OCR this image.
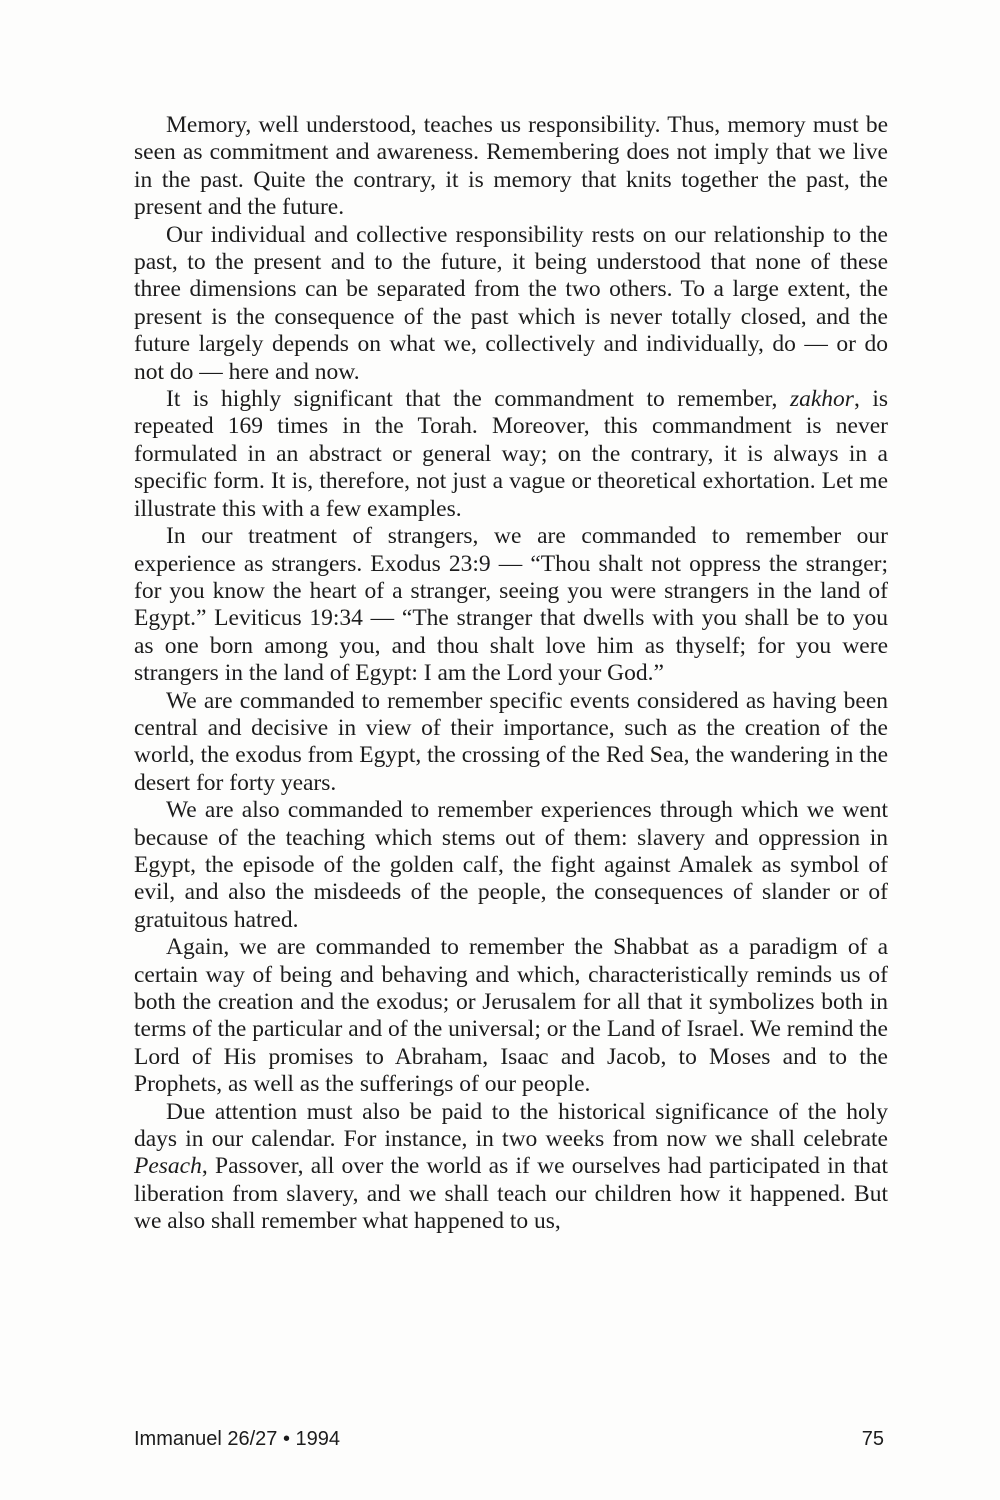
Memory, well understood, teaches us responsibility. Thus, memory must be seen as commitment and awareness. Remembering does not imply that we live in the past. Quite the contrary, it is memory that knits together the past, the present and the future.

Our individual and collective responsibility rests on our relationship to the past, to the present and to the future, it being understood that none of these three dimensions can be separated from the two others. To a large extent, the present is the consequence of the past which is never totally closed, and the future largely depends on what we, collectively and individually, do — or do not do — here and now.

It is highly significant that the commandment to remember, zakhor, is repeated 169 times in the Torah. Moreover, this commandment is never formulated in an abstract or general way; on the contrary, it is always in a specific form. It is, therefore, not just a vague or theoretical exhortation. Let me illustrate this with a few examples.

In our treatment of strangers, we are commanded to remember our experience as strangers. Exodus 23:9 — “Thou shalt not oppress the stranger; for you know the heart of a stranger, seeing you were strangers in the land of Egypt.” Leviticus 19:34 — “The stranger that dwells with you shall be to you as one born among you, and thou shalt love him as thyself; for you were strangers in the land of Egypt: I am the Lord your God.”

We are commanded to remember specific events considered as having been central and decisive in view of their importance, such as the creation of the world, the exodus from Egypt, the crossing of the Red Sea, the wandering in the desert for forty years.

We are also commanded to remember experiences through which we went because of the teaching which stems out of them: slavery and oppression in Egypt, the episode of the golden calf, the fight against Amalek as symbol of evil, and also the misdeeds of the people, the consequences of slander or of gratuitous hatred.

Again, we are commanded to remember the Shabbat as a paradigm of a certain way of being and behaving and which, characteristically reminds us of both the creation and the exodus; or Jerusalem for all that it symbolizes both in terms of the particular and of the universal; or the Land of Israel. We remind the Lord of His promises to Abraham, Isaac and Jacob, to Moses and to the Prophets, as well as the sufferings of our people.

Due attention must also be paid to the historical significance of the holy days in our calendar. For instance, in two weeks from now we shall celebrate Pesach, Passover, all over the world as if we ourselves had participated in that liberation from slavery, and we shall teach our children how it happened. But we also shall remember what happened to us,

Immanuel 26/27 • 1994	75
